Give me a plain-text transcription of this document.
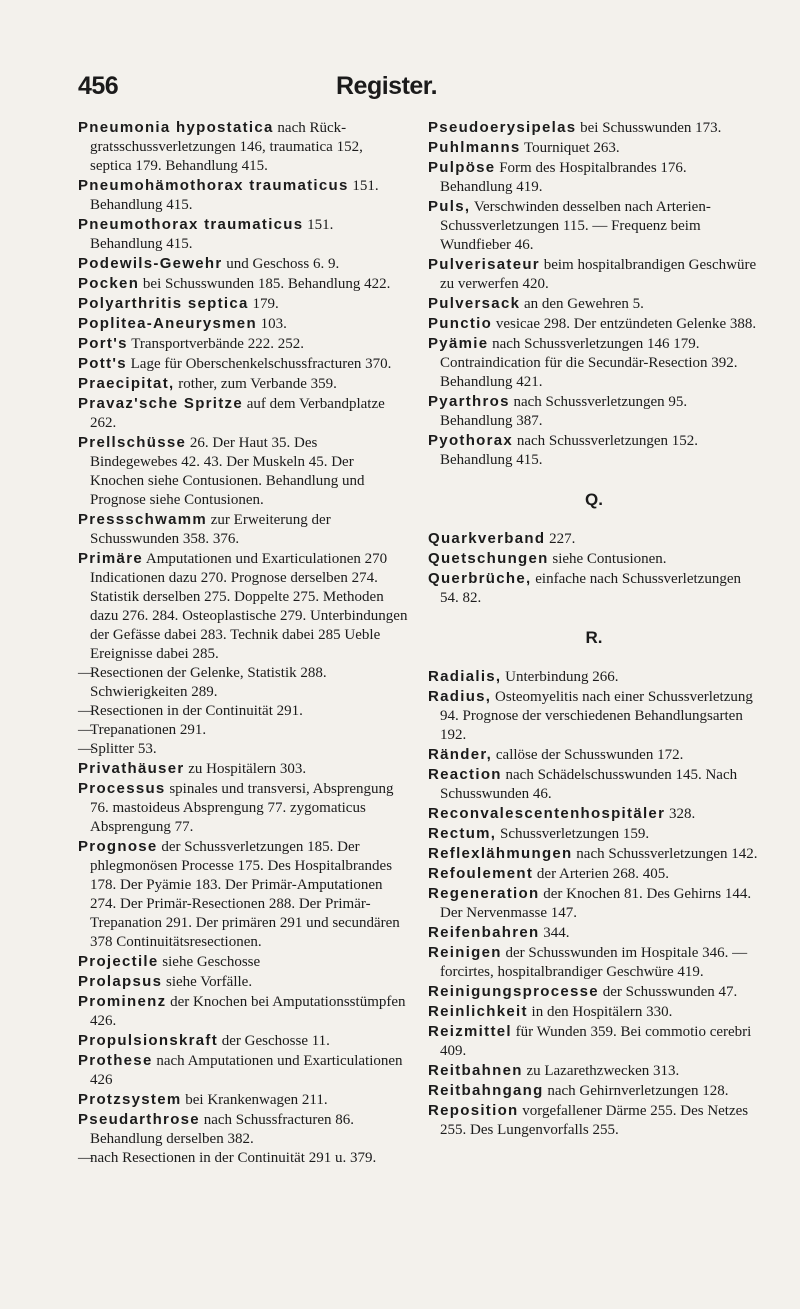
456	Register.

Pneumonia hypostatica nach Rückgratsschussverletzungen 146, traumatica 152, septica 179. Behandlung 415.

Pneumohämothorax traumaticus 151. Behandlung 415.

Pneumothorax traumaticus 151. Behandlung 415.

Podewils-Gewehr und Geschoss 6. 9.

Pocken bei Schusswunden 185. Behandlung 422.

Polyarthritis septica 179.

Poplitea-Aneurysmen 103.

Port's Transportverbände 222. 252.

Pott's Lage für Oberschenkelschussfracturen 370.

Praecipitat, rother, zum Verbande 359.

Pravaz'sche Spritze auf dem Verbandplatze 262.

Prellschüsse 26. Der Haut 35. Des Bindegewebes 42. 43. Der Muskeln 45. Der Knochen siehe Contusionen. Behandlung und Prognose siehe Contusionen.

Pressschwamm zur Erweiterung der Schusswunden 358. 376.

Primäre Amputationen und Exarticulationen 270 Indicationen dazu 270. Prognose derselben 274. Statistik derselben 275. Doppelte 275. Methoden dazu 276. 284. Osteoplastische 279. Unterbindungen der Gefässe dabei 283. Technik dabei 285 Ueble Ereignisse dabei 285.

—Resectionen der Gelenke, Statistik 288. Schwierigkeiten 289.

—Resectionen in der Continuität 291.

—Trepanationen 291.

—Splitter 53.

Privathäuser zu Hospitälern 303.

Processus spinales und transversi, Absprengung 76. mastoideus Absprengung 77. zygomaticus Absprengung 77.

Prognose der Schussverletzungen 185. Der phlegmonösen Processe 175. Des Hospitalbrandes 178. Der Pyämie 183. Der Primär-Amputationen 274. Der Primär-Resectionen 288. Der Primär-Trepanation 291. Der primären 291 und secundären 378 Continuitätsresectionen.

Projectile siehe Geschosse

Prolapsus siehe Vorfälle.

Prominenz der Knochen bei Amputationsstümpfen 426.

Propulsionskraft der Geschosse 11.

Prothese nach Amputationen und Exarticulationen 426

Protzsystem bei Krankenwagen 211.

Pseudarthrose nach Schussfracturen 86. Behandlung derselben 382.

—nach Resectionen in der Continuität 291 u. 379.

Pseudoerysipelas bei Schusswunden 173.

Puhlmanns Tourniquet 263.

Pulpöse Form des Hospitalbrandes 176. Behandlung 419.

Puls, Verschwinden desselben nach Arterien-Schussverletzungen 115. — Frequenz beim Wundfieber 46.

Pulverisateur beim hospitalbrandigen Geschwüre zu verwerfen 420.

Pulversack an den Gewehren 5.

Punctio vesicae 298. Der entzündeten Gelenke 388.

Pyämie nach Schussverletzungen 146 179. Contraindication für die Secundär-Resection 392. Behandlung 421.

Pyarthros nach Schussverletzungen 95. Behandlung 387.

Pyothorax nach Schussverletzungen 152. Behandlung 415.

Q.

Quarkverband 227.

Quetschungen siehe Contusionen.

Querbrüche, einfache nach Schussverletzungen 54. 82.

R.

Radialis, Unterbindung 266.

Radius, Osteomyelitis nach einer Schussverletzung 94. Prognose der verschiedenen Behandlungsarten 192.

Ränder, callöse der Schusswunden 172.

Reaction nach Schädelschusswunden 145. Nach Schusswunden 46.

Reconvalescentenhospitäler 328.

Rectum, Schussverletzungen 159.

Reflexlähmungen nach Schussverletzungen 142.

Refoulement der Arterien 268. 405.

Regeneration der Knochen 81. Des Gehirns 144. Der Nervenmasse 147.

Reifenbahren 344.

Reinigen der Schusswunden im Hospitale 346. — forcirtes, hospitalbrandiger Geschwüre 419.

Reinigungsprocesse der Schusswunden 47.

Reinlichkeit in den Hospitälern 330.

Reizmittel für Wunden 359. Bei commotio cerebri 409.

Reitbahnen zu Lazarethzwecken 313.

Reitbahngang nach Gehirnverletzungen 128.

Reposition vorgefallener Därme 255. Des Netzes 255. Des Lungenvorfalls 255.
